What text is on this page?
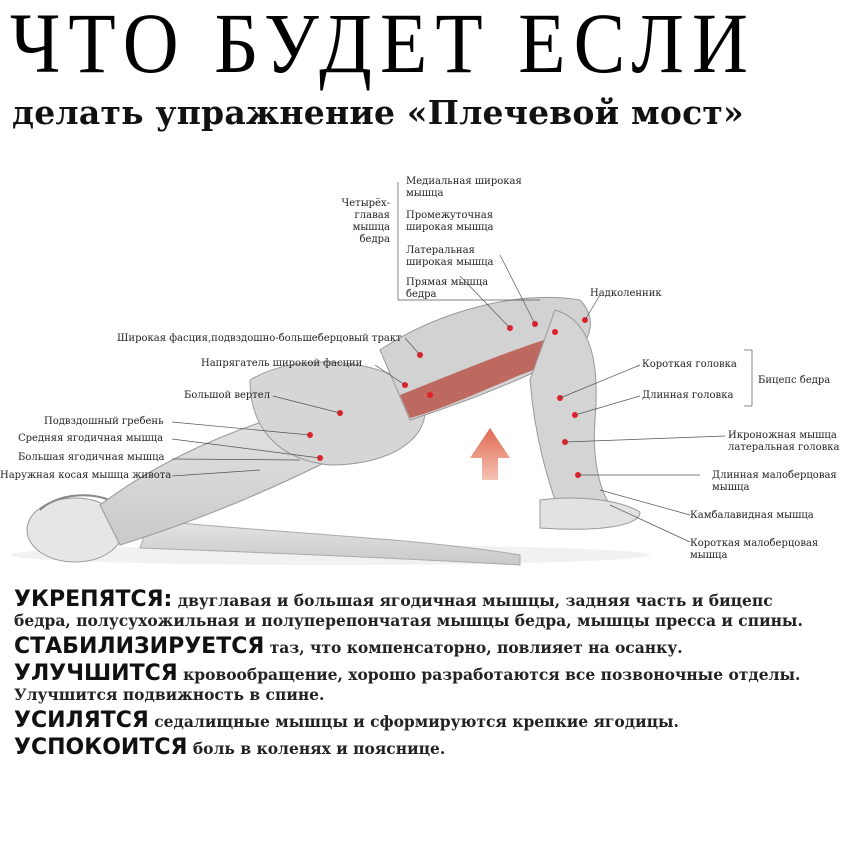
ЧТО БУДЕТ ЕСЛИ
делать упражнение «Плечевой мост»
Четырёх-
главая
мышца
бедра
Медиальная широкая
мышца
Промежуточная
широкая мышца
Латеральная
широкая мышца
Прямая мышца
бедра	Надколенник
Широкая фасция,подвздошно-большеберцовый тракт
Напрягатель широкой фасции
Большой вертел
Подвздошный гребень
Средняя ягодичная мышца
Большая ягодичная мышца
Наружная косая мышца живота
Короткая головка
Длинная головка
Бицепс бедра
Икроножная мышца
латеральная головка
Длинная малоберцовая
мышца
Камбалавидная мышца
Короткая малоберцовая
мышца

УКРЕПЯТСЯ: двуглавая и большая ягодичная мышцы, задняя часть и бицепс бедра, полусухожильная и полуперепончатая мышцы бедра, мышцы пресса и спины.

СТАБИЛИЗИРУЕТСЯ таз, что компенсаторно, повлияет на осанку.

УЛУЧШИТСЯ кровообращение, хорошо разработаются все позвоночные отделы. Улучшится подвижность в спине.

УСИЛЯТСЯ седалищные мышцы и сформируются крепкие ягодицы.

УСПОКОИТСЯ боль в коленях и пояснице.
